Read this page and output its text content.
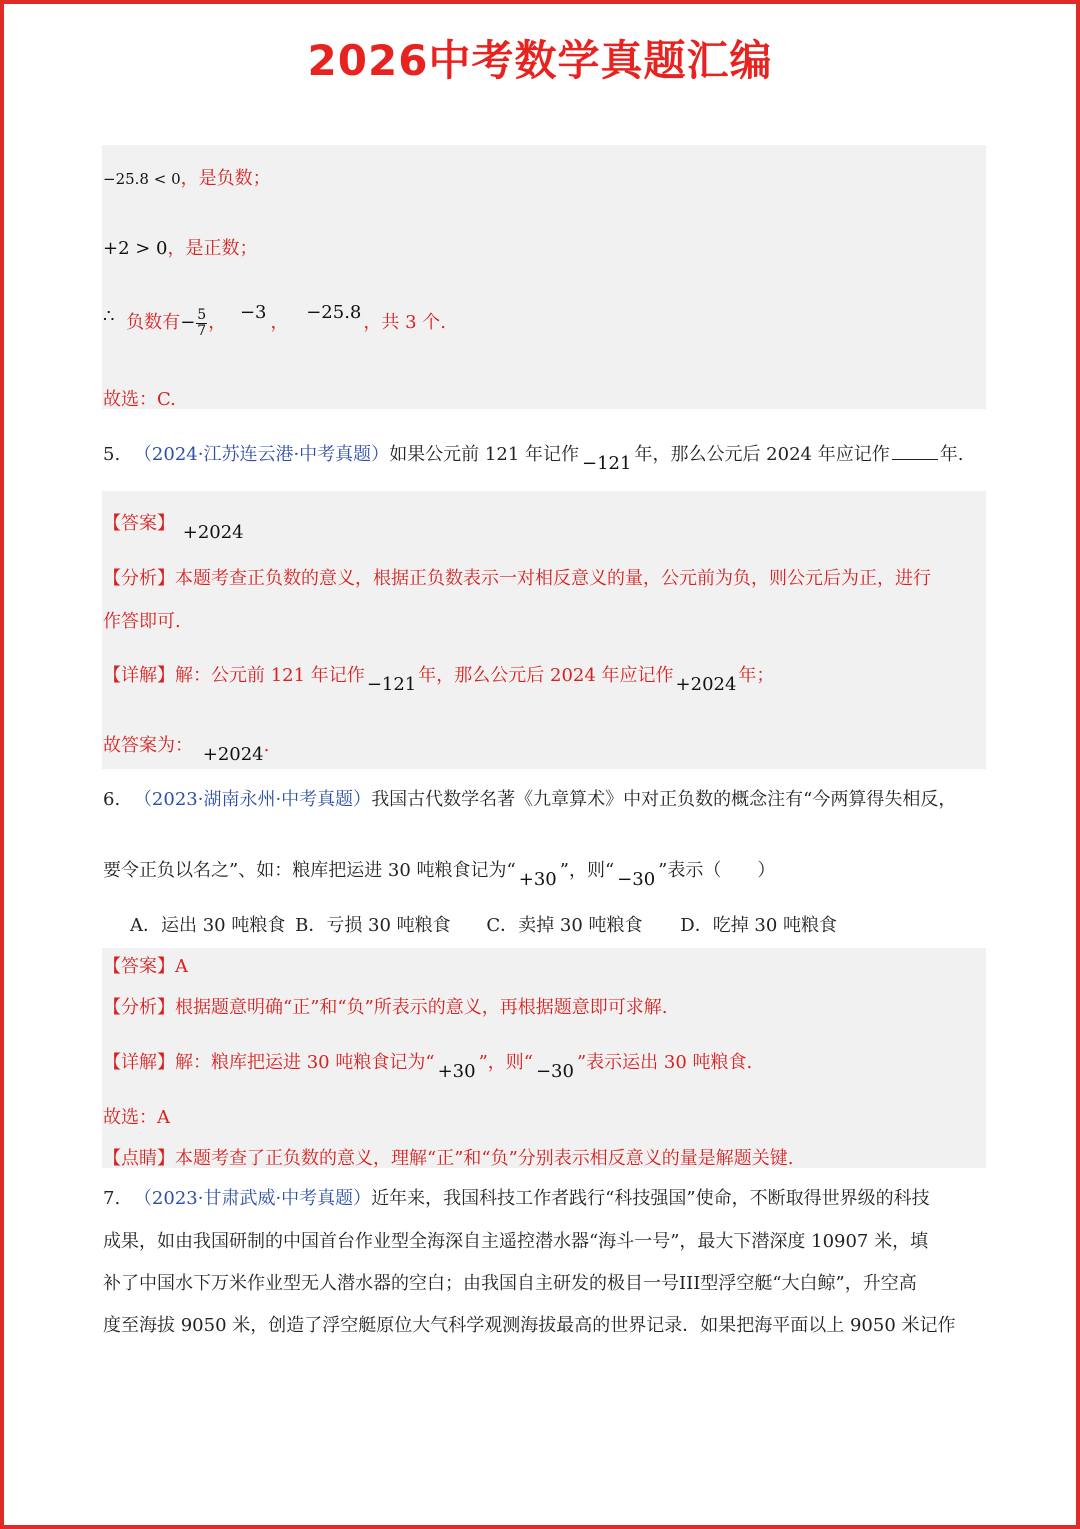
2026中考数学真题汇编
−25.8 < 0，是负数；
+2 > 0，是正数；
∴ 负数有− $\frac{5}{7}$ ， −3 ， −25.8 ，共 3 个.
故选：C.
5. （2024·江苏连云港·中考真题）如果公元前 121 年记作 −121 年，那么公元后 2024 年应记作	年.
【答案】 +2024
【分析】本题考查正负数的意义，根据正负数表示一对相反意义的量，公元前为负，则公元后为正，进行
作答即可.
【详解】解：公元前 121 年记作 −121 年，那么公元后 2024 年应记作 +2024 年；
故答案为： +2024.
6. （2023·湖南永州·中考真题）我国古代数学名著《九章算术》中对正负数的概念注有“今两算得失相反，
要令正负以名之”、如：粮库把运进 30 吨粮食记为“ +30 ”，则“ −30 ”表示（　　）
A．运出 30 吨粮食 B．亏损 30 吨粮食 C．卖掉 30 吨粮食 D．吃掉 30 吨粮食
【答案】A
【分析】根据题意明确“正”和“负”所表示的意义，再根据题意即可求解.
【详解】解：粮库把运进 30 吨粮食记为“ +30 ”，则“ −30 ”表示运出 30 吨粮食.
故选：A
【点睛】本题考查了正负数的意义，理解“正”和“负”分别表示相反意义的量是解题关键.
7. （2023·甘肃武威·中考真题）近年来，我国科技工作者践行“科技强国”使命，不断取得世界级的科技
成果，如由我国研制的中国首台作业型全海深自主遥控潜水器“海斗一号”，最大下潜深度 10907 米，填
补了中国水下万米作业型无人潜水器的空白；由我国自主研发的极目一号III型浮空艇“大白鲸”，升空高
度至海拔 9050 米，创造了浮空艇原位大气科学观测海拔最高的世界记录．如果把海平面以上 9050 米记作
